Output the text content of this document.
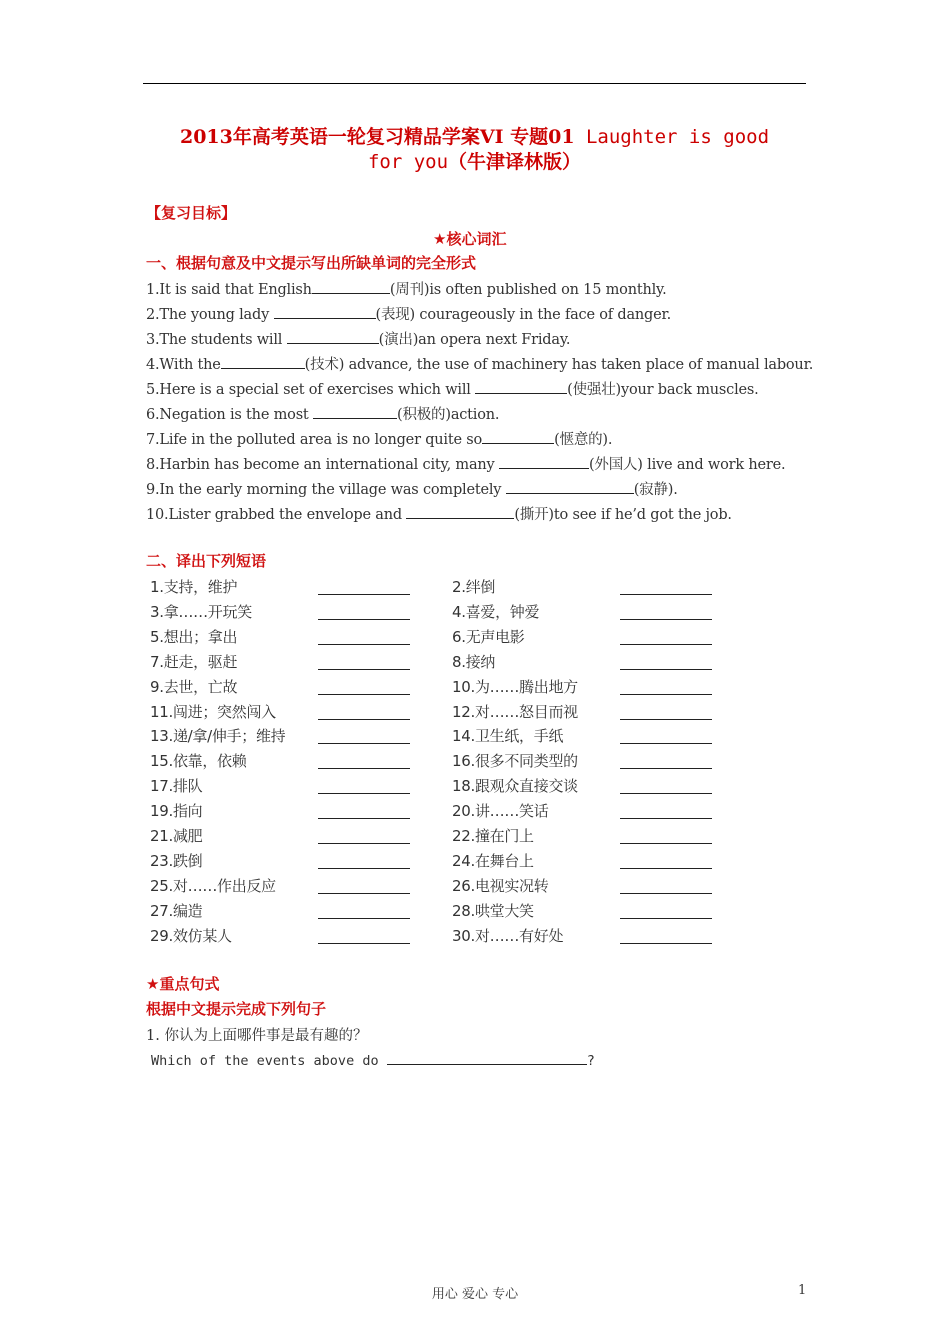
2013年高考英语一轮复习精品学案VI 专题01 Laughter is good
for you（牛津译林版）
【复习目标】
★核心词汇
一、根据句意及中文提示写出所缺单词的完全形式
1.It is said that English	(周刊)is often published on 15 monthly.
2.The young lady	(表现) courageously in the face of danger.
3.The students will	(演出)an opera next Friday.
4.With the	(技术) advance, the use of machinery has taken place of manual labour.
5.Here is a special set of exercises which will	(使强壮)your back muscles.
6.Negation is the most	(积极的)action.
7.Life in the polluted area is no longer quite so	(惬意的).
8.Harbin has become an international city, many	(外国人) live and work here.
9.In the early morning the village was completely	(寂静).
10.Lister grabbed the envelope and	(撕开)to see if he’d got the job.
二、译出下列短语
1.支持，维护	2.绊倒
3.拿……开玩笑	4.喜爱，钟爱
5.想出；拿出	6.无声电影
7.赶走，驱赶	8.接纳
9.去世，亡故	10.为……腾出地方
11.闯进；突然闯入	12.对……怒目而视
13.递/拿/伸手；维持	14.卫生纸，手纸
15.依靠，依赖	16.很多不同类型的
17.排队	18.跟观众直接交谈
19.指向	20.讲……笑话
21.减肥	22.撞在门上
23.跌倒	24.在舞台上
25.对……作出反应	26.电视实况转
27.编造	28.哄堂大笑
29.效仿某人	30.对……有好处
★重点句式
根据中文提示完成下列句子
1. 你认为上面哪件事是最有趣的？
Which of the events above do	?
用心 爱心 专心	1
